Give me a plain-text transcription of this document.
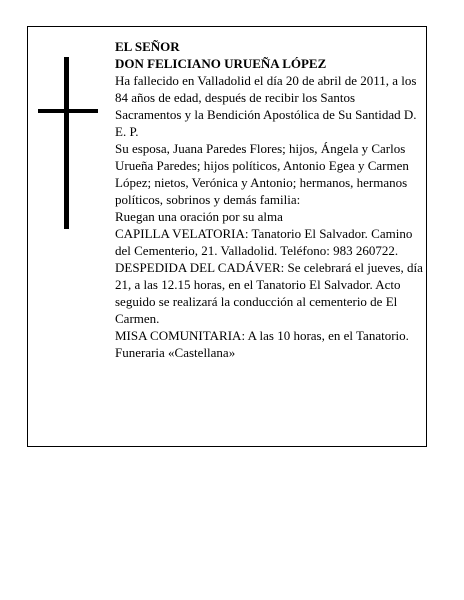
EL SEÑOR

DON FELICIANO URUEÑA LÓPEZ

Ha fallecido en Valladolid el día 20 de abril de 2011, a los 84 años de edad, después de recibir los Santos Sacramentos y la Bendición Apostólica de Su Santidad D. E. P.

Su esposa, Juana Paredes Flores; hijos, Ángela y Carlos Urueña Paredes; hijos políticos, Antonio Egea y Carmen López; nietos, Verónica y Antonio; hermanos, hermanos políticos, sobrinos y demás familia:

Ruegan una oración por su alma

CAPILLA VELATORIA: Tanatorio El Salvador. Camino del Cementerio, 21. Valladolid. Teléfono: 983 260722.

DESPEDIDA DEL CADÁVER: Se celebrará el jueves, día 21, a las 12.15 horas, en el Tanatorio El Salvador. Acto seguido se realizará la conducción al cementerio de El Carmen.

MISA COMUNITARIA: A las 10 horas, en el Tanatorio.

Funeraria «Castellana»
